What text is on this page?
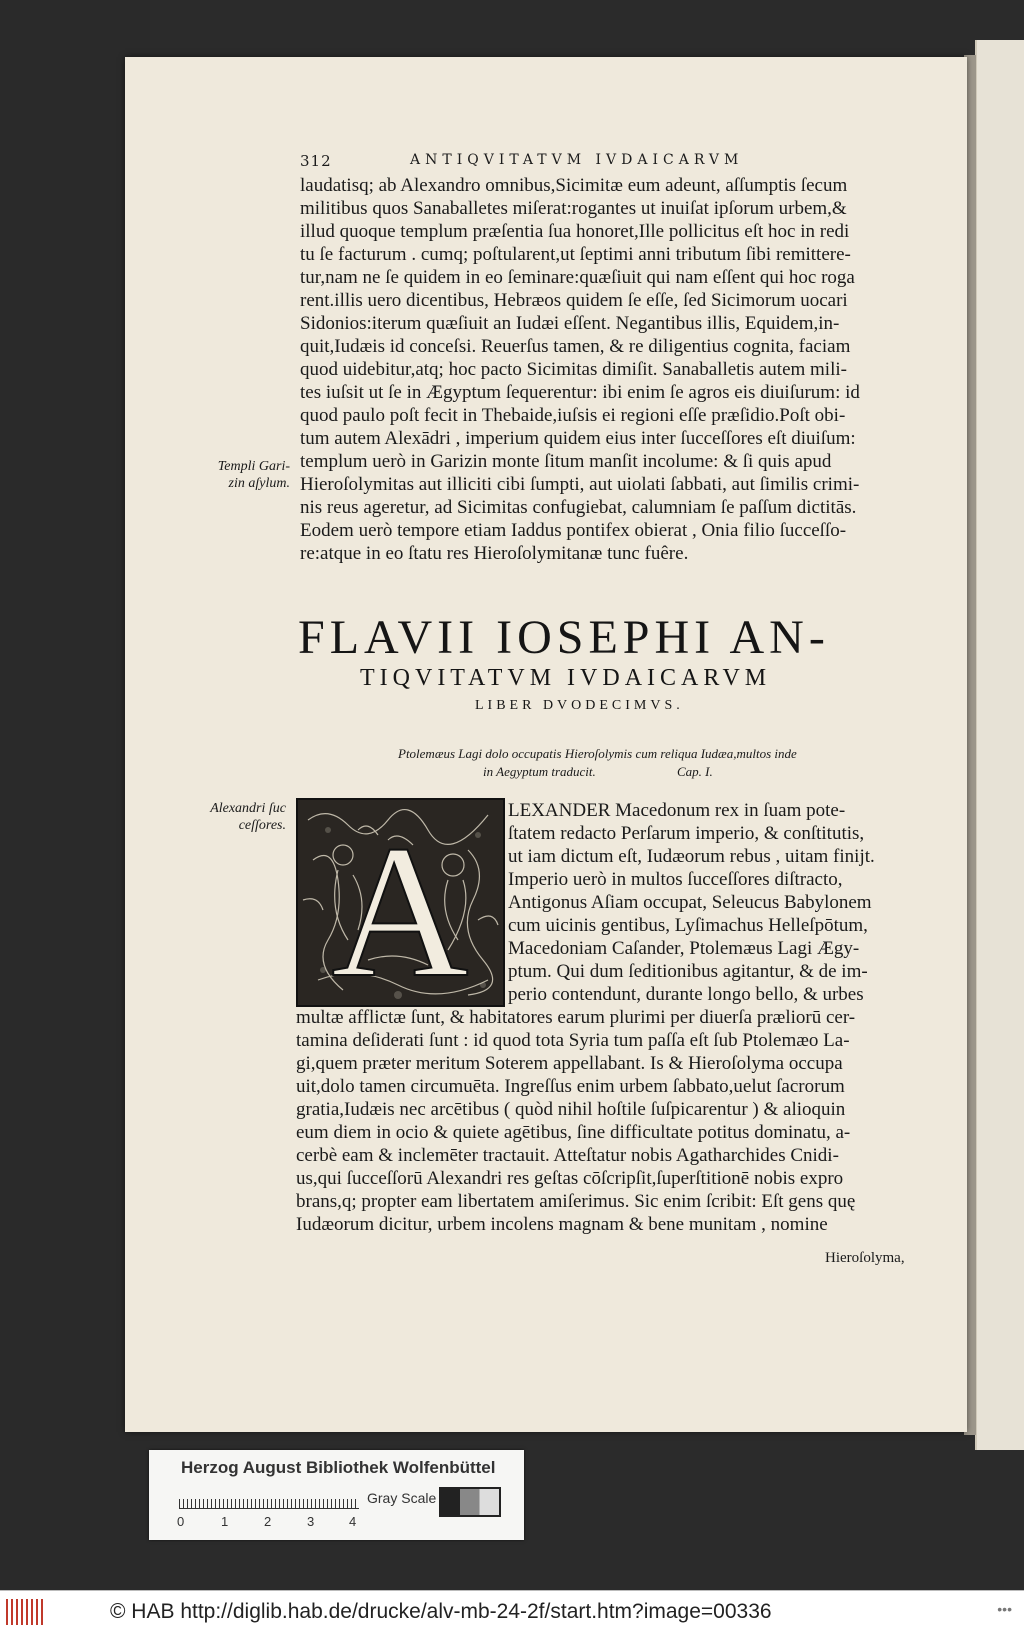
312	ANTIQVITATVM IVDAICARVM
laudatisq; ab Alexandro omnibus,Sicimitæ eum adeunt, aſſumptis ſecum
militibus quos Sanaballetes miſerat:rogantes ut inuiſat ipſorum urbem,&
illud quoque templum præſentia ſua honoret,Ille pollicitus eſt hoc in redi
tu ſe facturum . cumq; poſtularent,ut ſeptimi anni tributum ſibi remittere-
tur,nam ne ſe quidem in eo ſeminare:quæſiuit qui nam eſſent qui hoc roga
rent.illis uero dicentibus, Hebræos quidem ſe eſſe, ſed Sicimorum uocari
Sidonios:iterum quæſiuit an Iudæi eſſent. Negantibus illis, Equidem,in-
quit,Iudæis id conceſsi. Reuerſus tamen, & re diligentius cognita, faciam
quod uidebitur,atq; hoc pacto Sicimitas dimiſit. Sanaballetis autem mili-
tes iuſsit ut ſe in Ægyptum ſequerentur: ibi enim ſe agros eis diuiſurum: id
quod paulo poſt fecit in Thebaide,iuſsis ei regioni eſſe præſidio.Poſt obi-
tum autem Alexādri , imperium quidem eius inter ſucceſſores eſt diuiſum:
templum uerò in Garizin monte ſitum manſit incolume: & ſi quis apud
Hieroſolymitas aut illiciti cibi ſumpti, aut uiolati ſabbati, aut ſimilis crimi-
nis reus ageretur, ad Sicimitas confugiebat, calumniam ſe paſſum dictitās.
Eodem uerò tempore etiam Iaddus pontifex obierat , Onia filio ſucceſſo-
re:atque in eo ſtatu res Hieroſolymitanæ tunc fuêre.
Templi Gari-
zin aſylum.
FLAVII IOSEPHI AN-
TIQVITATVM IVDAICARVM
LIBER DVODECIMVS.
Ptolemæus Lagi dolo occupatis Hieroſolymis cum reliqua Iudæa,multos inde
in Aegyptum traducit.	Cap. I.
Alexandri ſuc
ceſſores. A LEXANDER Macedonum rex in ſuam pote-
ſtatem redacto Perſarum imperio, & conſtitutis,
ut iam dictum eſt, Iudæorum rebus , uitam finijt.
Imperio uerò in multos ſucceſſores diſtracto,
Antigonus Aſiam occupat, Seleucus Babylonem
cum uicinis gentibus, Lyſimachus Helleſpōtum,
Macedoniam Caſander, Ptolemæus Lagi Ægy-
ptum. Qui dum ſeditionibus agitantur, & de im-
perio contendunt, durante longo bello, & urbes
multæ afflictæ ſunt, & habitatores earum plurimi per diuerſa præliorū cer-
tamina deſiderati ſunt : id quod tota Syria tum paſſa eſt ſub Ptolemæo La-
gi,quem præter meritum Soterem appellabant. Is & Hieroſolyma occupa
uit,dolo tamen circumuēta. Ingreſſus enim urbem ſabbato,uelut ſacrorum
gratia,Iudæis nec arcētibus ( quòd nihil hoſtile ſuſpicarentur ) & alioquin
eum diem in ocio & quiete agētibus, ſine difficultate potitus dominatu, a-
cerbè eam & inclemēter tractauit. Atteſtatur nobis Agatharchides Cnidi-
us,qui ſucceſſorū Alexandri res geſtas cōſcripſit,ſuperſtitionē nobis expro
brans,q; propter eam libertatem amiſerimus. Sic enim ſcribit: Eſt gens quę
Iudæorum dicitur, urbem incolens magnam & bene munitam , nomine
Hieroſolyma,
Herzog August Bibliothek Wolfenbüttel
0	1	2	3	4
Gray Scale
© HAB http://diglib.hab.de/drucke/alv-mb-24-2f/start.htm?image=00336	•••
